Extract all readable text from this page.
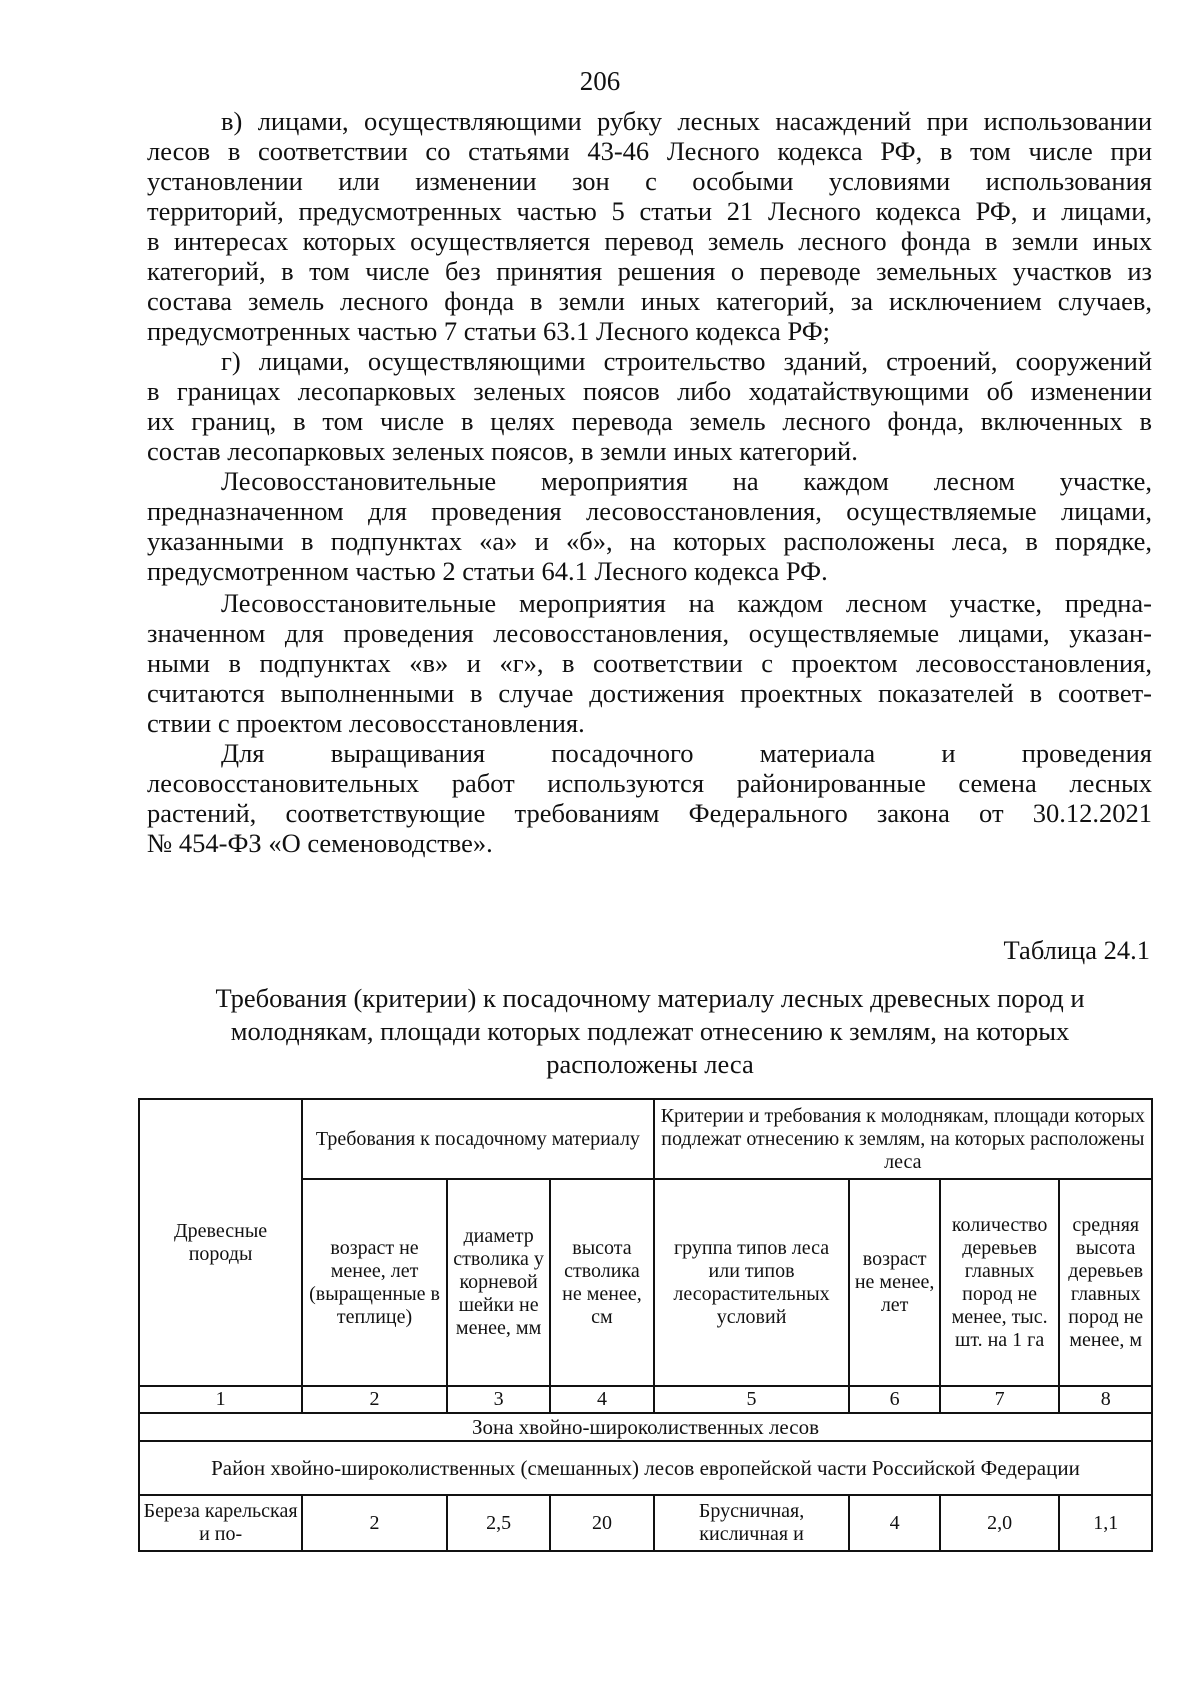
206
в) лицами, осуществляющими рубку лесных насаждений при использовании
лесов в соответствии со статьями 43-46 Лесного кодекса РФ, в том числе при
установлении или изменении зон с особыми условиями использования
территорий, предусмотренных частью 5 статьи 21 Лесного кодекса РФ, и лицами,
в интересах которых осуществляется перевод земель лесного фонда в земли иных
категорий, в том числе без принятия решения о переводе земельных участков из
состава земель лесного фонда в земли иных категорий, за исключением случаев,
предусмотренных частью 7 статьи 63.1 Лесного кодекса РФ;
г) лицами, осуществляющими строительство зданий, строений, сооружений
в границах лесопарковых зеленых поясов либо ходатайствующими об изменении
их границ, в том числе в целях перевода земель лесного фонда, включенных в
состав лесопарковых зеленых поясов, в земли иных категорий.
Лесовосстановительные мероприятия на каждом лесном участке,
предназначенном для проведения лесовосстановления, осуществляемые лицами,
указанными в подпунктах «а» и «б», на которых расположены леса, в порядке,
предусмотренном частью 2 статьи 64.1 Лесного кодекса РФ.
Лесовосстановительные мероприятия на каждом лесном участке, предна-
значенном для проведения лесовосстановления, осуществляемые лицами, указан-
ными в подпунктах «в» и «г», в соответствии с проектом лесовосстановления,
считаются выполненными в случае достижения проектных показателей в соответ-
ствии с проектом лесовосстановления.
Для выращивания посадочного материала и проведения
лесовосстановительных работ используются районированные семена лесных
растений, соответствующие требованиям Федерального закона от 30.12.2021
№ 454-ФЗ «О семеноводстве».
Таблица 24.1
Требования (критерии) к посадочному материалу лесных древесных пород и
молоднякам, площади которых подлежат отнесению к землям, на которых
расположены леса
Древесные породы	Требования к посадочному материалу			Критерии и требования к молоднякам, площади которых подлежат отнесению к землям, на которых расположены леса			
	возраст не менее, лет (выращенные в теплице)	диаметр стволика у корневой шейки не менее, мм	высота стволика не менее, см	группа типов леса или типов лесорастительных условий	возраст не менее, лет	количество деревьев главных пород не менее, тыс. шт. на 1 га	средняя высота деревьев главных пород не менее, м
1	2	3	4	5	6	7	8
Зона хвойно-широколиственных лесов							
Район хвойно-широколиственных (смешанных) лесов европейской части Российской Федерации							
Береза карельская и по-	2	2,5	20	Брусничная, кисличная и	4	2,0	1,1
